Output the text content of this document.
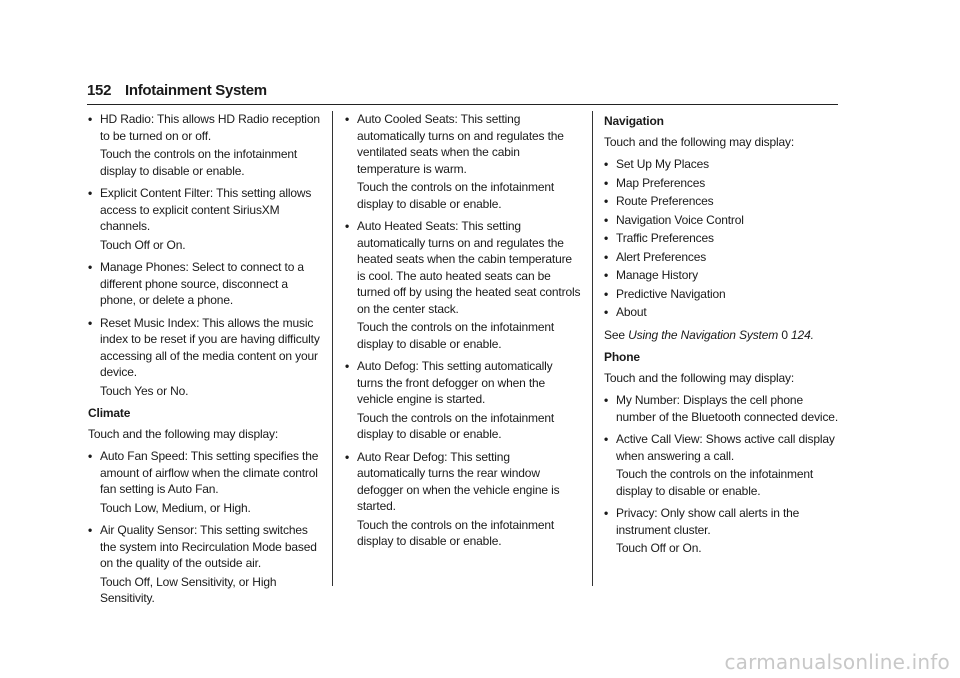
152 Infotainment System
• HD Radio: This allows HD Radio reception to be turned on or off.
Touch the controls on the infotainment display to disable or enable.
• Explicit Content Filter: This setting allows access to explicit content SiriusXM channels.
Touch Off or On.
• Manage Phones: Select to connect to a different phone source, disconnect a phone, or delete a phone.
• Reset Music Index: This allows the music index to be reset if you are having difficulty accessing all of the media content on your device.
Touch Yes or No.
Climate
Touch and the following may display:
• Auto Fan Speed: This setting specifies the amount of airflow when the climate control fan setting is Auto Fan.
Touch Low, Medium, or High.
• Air Quality Sensor: This setting switches the system into Recirculation Mode based on the quality of the outside air.
Touch Off, Low Sensitivity, or High Sensitivity.
• Auto Cooled Seats: This setting automatically turns on and regulates the ventilated seats when the cabin temperature is warm.
Touch the controls on the infotainment display to disable or enable.
• Auto Heated Seats: This setting automatically turns on and regulates the heated seats when the cabin temperature is cool. The auto heated seats can be turned off by using the heated seat controls on the center stack.
Touch the controls on the infotainment display to disable or enable.
• Auto Defog: This setting automatically turns the front defogger on when the vehicle engine is started.
Touch the controls on the infotainment display to disable or enable.
• Auto Rear Defog: This setting automatically turns the rear window defogger on when the vehicle engine is started.
Touch the controls on the infotainment display to disable or enable.
Navigation
Touch and the following may display:
• Set Up My Places
• Map Preferences
• Route Preferences
• Navigation Voice Control
• Traffic Preferences
• Alert Preferences
• Manage History
• Predictive Navigation
• About
See Using the Navigation System 0 124.
Phone
Touch and the following may display:
• My Number: Displays the cell phone number of the Bluetooth connected device.
• Active Call View: Shows active call display when answering a call.
Touch the controls on the infotainment display to disable or enable.
• Privacy: Only show call alerts in the instrument cluster.
Touch Off or On.
carmanualsonline.info
